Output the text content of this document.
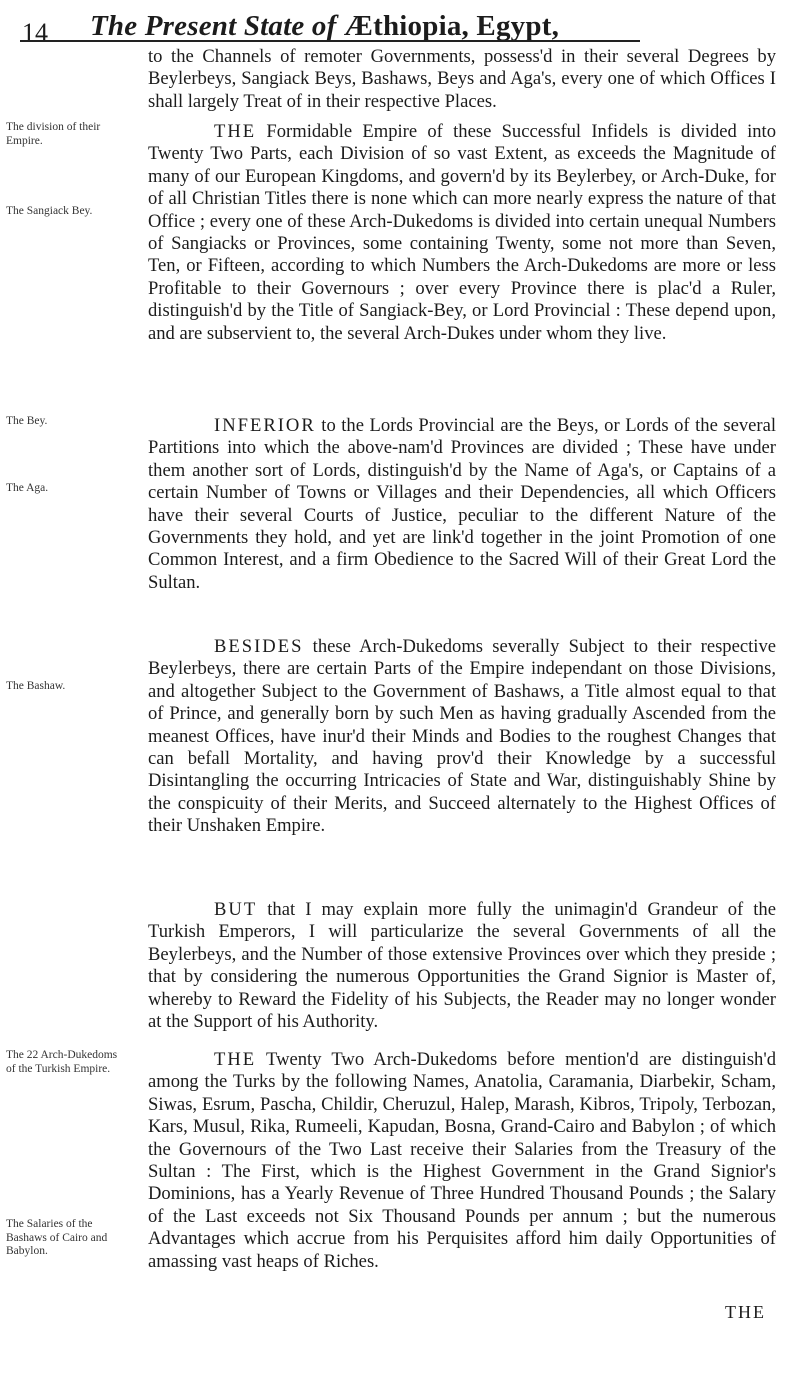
14 The Present State of Æthiopia, Egypt,

to the Channels of remoter Governments, possess'd in their several Degrees by Beylerbeys, Sangiack Beys, Bashaws, Beys and Aga's, every one of which Offices I shall largely Treat of in their respective Places.

THE Formidable Empire of these Successful Infidels is divided into Twenty Two Parts, each Division of so vast Extent, as exceeds the Magnitude of many of our European Kingdoms, and govern'd by its Beylerbey, or Arch-Duke, for of all Christian Titles there is none which can more nearly express the nature of that Office ; every one of these Arch-Dukedoms is divided into certain unequal Numbers of Sangiacks or Provinces, some containing Twenty, some not more than Seven, Ten, or Fifteen, according to which Numbers the Arch-Dukedoms are more or less Profitable to their Governours ; over every Province there is plac'd a Ruler, distinguish'd by the Title of Sangiack-Bey, or Lord Provincial : These depend upon, and are subservient to, the several Arch-Dukes under whom they live.

INFERIOR to the Lords Provincial are the Beys, or Lords of the several Partitions into which the above-nam'd Provinces are divided ; These have under them another sort of Lords, distinguish'd by the Name of Aga's, or Captains of a certain Number of Towns or Villages and their Dependencies, all which Officers have their several Courts of Justice, peculiar to the different Nature of the Governments they hold, and yet are link'd together in the joint Promotion of one Common Interest, and a firm Obedience to the Sacred Will of their Great Lord the Sultan.

BESIDES these Arch-Dukedoms severally Subject to their respective Beylerbeys, there are certain Parts of the Empire independant on those Divisions, and altogether Subject to the Government of Bashaws, a Title almost equal to that of Prince, and generally born by such Men as having gradually Ascended from the meanest Offices, have inur'd their Minds and Bodies to the roughest Changes that can befall Mortality, and having prov'd their Knowledge by a successful Disintangling the occurring Intricacies of State and War, distinguishably Shine by the conspicuity of their Merits, and Succeed alternately to the Highest Offices of their Unshaken Empire.

BUT that I may explain more fully the unimagin'd Grandeur of the Turkish Emperors, I will particularize the several Governments of all the Beylerbeys, and the Number of those extensive Provinces over which they preside ; that by considering the numerous Opportunities the Grand Signior is Master of, whereby to Reward the Fidelity of his Subjects, the Reader may no longer wonder at the Support of his Authority.

THE Twenty Two Arch-Dukedoms before mention'd are distinguish'd among the Turks by the following Names, Anatolia, Caramania, Diarbekir, Scham, Siwas, Esrum, Pascha, Childir, Cheruzul, Halep, Marash, Kibros, Tripoly, Terbozan, Kars, Musul, Rika, Rumeeli, Kapudan, Bosna, Grand-Cairo and Babylon ; of which the Governours of the Two Last receive their Salaries from the Treasury of the Sultan : The First, which is the Highest Government in the Grand Signior's Dominions, has a Yearly Revenue of Three Hundred Thousand Pounds ; the Salary of the Last exceeds not Six Thousand Pounds per annum ; but the numerous Advantages which accrue from his Perquisites afford him daily Opportunities of amassing vast heaps of Riches.

The division of their Empire.
The Sangiack Bey.
The Bey.
The Aga.
The Bashaw.
The 22 Arch-Dukedoms of the Turkish Empire.
The Salaries of the Bashaws of Cairo and Babylon.
THE
